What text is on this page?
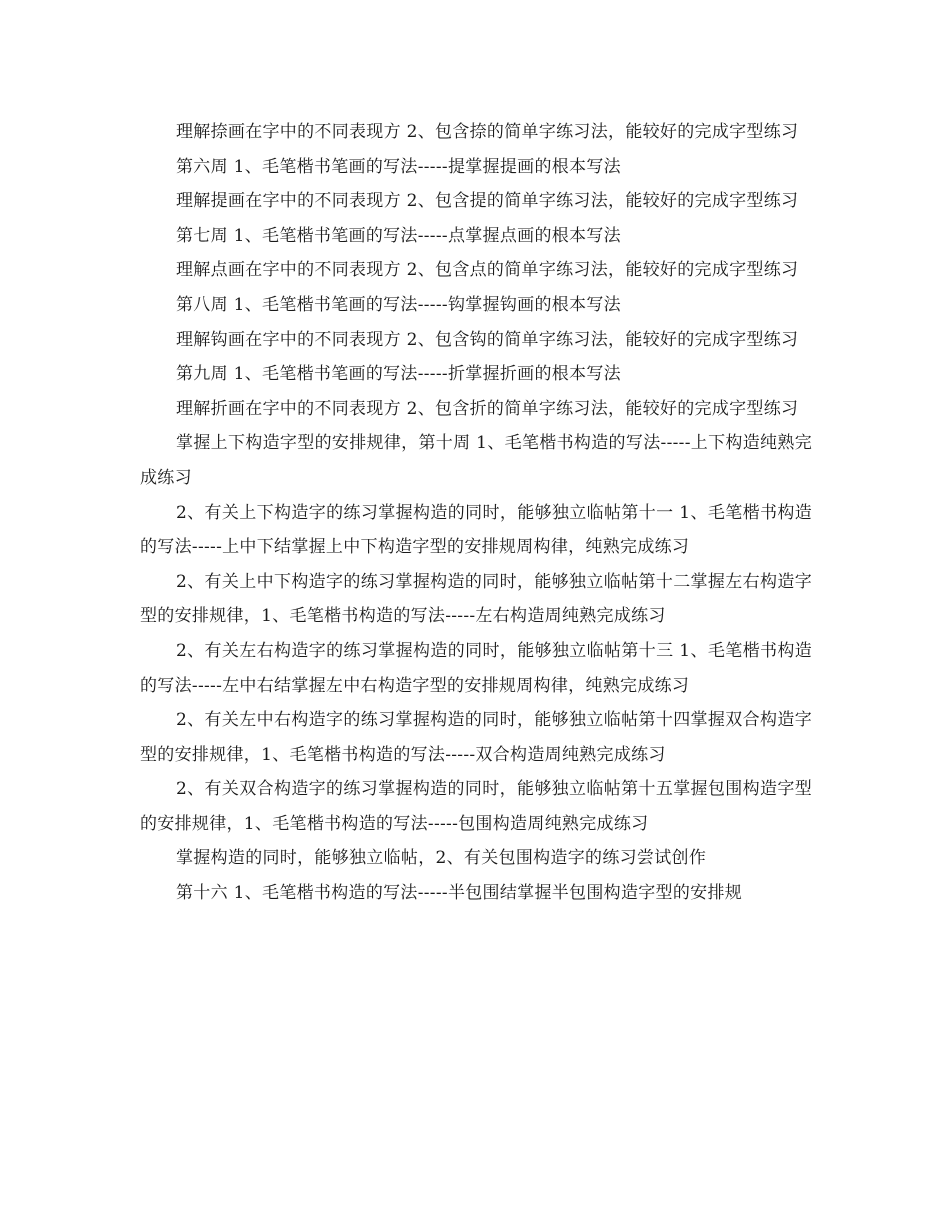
理解捺画在字中的不同表现方 2、包含捺的简单字练习法，能较好的完成字型练习

第六周 1、毛笔楷书笔画的写法-----提掌握提画的根本写法

理解提画在字中的不同表现方 2、包含提的简单字练习法，能较好的完成字型练习

第七周 1、毛笔楷书笔画的写法-----点掌握点画的根本写法

理解点画在字中的不同表现方 2、包含点的简单字练习法，能较好的完成字型练习

第八周 1、毛笔楷书笔画的写法-----钩掌握钩画的根本写法

理解钩画在字中的不同表现方 2、包含钩的简单字练习法，能较好的完成字型练习

第九周 1、毛笔楷书笔画的写法-----折掌握折画的根本写法

理解折画在字中的不同表现方 2、包含折的简单字练习法，能较好的完成字型练习

掌握上下构造字型的安排规律，第十周 1、毛笔楷书构造的写法-----上下构造纯熟完成练习

2、有关上下构造字的练习掌握构造的同时，能够独立临帖第十一 1、毛笔楷书构造的写法-----上中下结掌握上中下构造字型的安排规周构律，纯熟完成练习

2、有关上中下构造字的练习掌握构造的同时，能够独立临帖第十二掌握左右构造字型的安排规律，1、毛笔楷书构造的写法-----左右构造周纯熟完成练习

2、有关左右构造字的练习掌握构造的同时，能够独立临帖第十三 1、毛笔楷书构造的写法-----左中右结掌握左中右构造字型的安排规周构律，纯熟完成练习

2、有关左中右构造字的练习掌握构造的同时，能够独立临帖第十四掌握双合构造字型的安排规律，1、毛笔楷书构造的写法-----双合构造周纯熟完成练习

2、有关双合构造字的练习掌握构造的同时，能够独立临帖第十五掌握包围构造字型的安排规律，1、毛笔楷书构造的写法-----包围构造周纯熟完成练习

掌握构造的同时，能够独立临帖，2、有关包围构造字的练习尝试创作

第十六 1、毛笔楷书构造的写法-----半包围结掌握半包围构造字型的安排规
